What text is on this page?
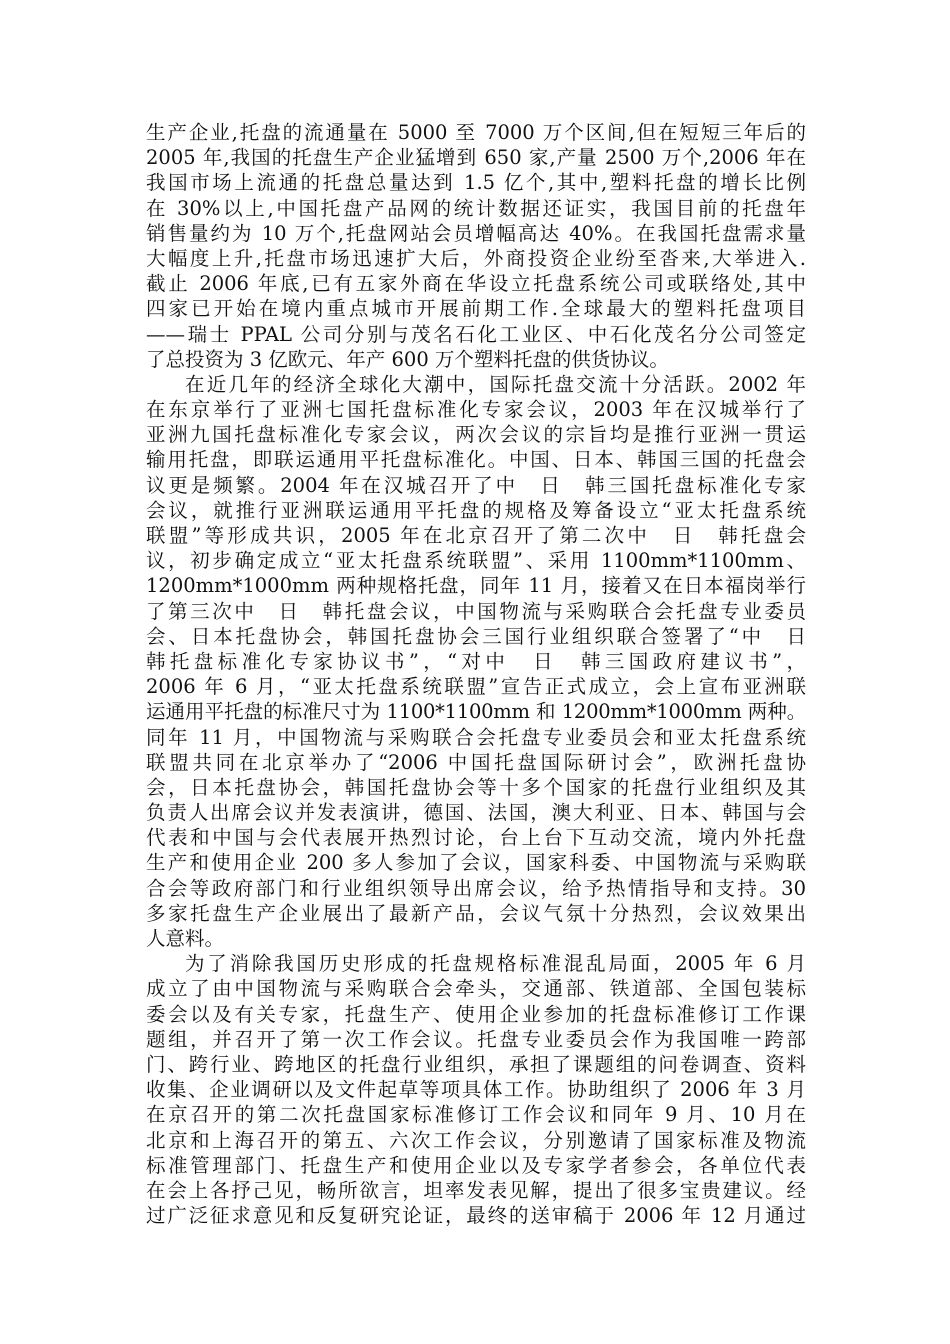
生产企业,托盘的流通量在 5000 至 7000 万个区间,但在短短三年后的
2005 年,我国的托盘生产企业猛增到 650 家,产量 2500 万个,2006 年在
我国市场上流通的托盘总量达到 1.5 亿个,其中,塑料托盘的增长比例
在 30%以上,中国托盘产品网的统计数据还证实，我国目前的托盘年
销售量约为 10 万个,托盘网站会员增幅高达 40%。在我国托盘需求量
大幅度上升,托盘市场迅速扩大后，外商投资企业纷至沓来,大举进入.
截止 2006 年底,已有五家外商在华设立托盘系统公司或联络处,其中
四家已开始在境内重点城市开展前期工作.全球最大的塑料托盘项目
——瑞士 PPAL 公司分别与茂名石化工业区、中石化茂名分公司签定
了总投资为 3 亿欧元、年产 600 万个塑料托盘的供货协议。
在近几年的经济全球化大潮中，国际托盘交流十分活跃。2002 年
在东京举行了亚洲七国托盘标准化专家会议，2003 年在汉城举行了
亚洲九国托盘标准化专家会议，两次会议的宗旨均是推行亚洲一贯运
输用托盘，即联运通用平托盘标准化。中国、日本、韩国三国的托盘会
议更是频繁。2004 年在汉城召开了中　日　韩三国托盘标准化专家
会议，就推行亚洲联运通用平托盘的规格及筹备设立“亚太托盘系统
联盟”等形成共识，2005 年在北京召开了第二次中　日　韩托盘会
议，初步确定成立“亚太托盘系统联盟”、采用 1100mm*1100mm、
1200mm*1000mm 两种规格托盘，同年 11 月，接着又在日本福岗举行
了第三次中　日　韩托盘会议，中国物流与采购联合会托盘专业委员
会、日本托盘协会，韩国托盘协会三国行业组织联合签署了“中　日
韩托盘标准化专家协议书”，“对中　日　韩三国政府建议书”，
2006 年 6 月，“亚太托盘系统联盟”宣告正式成立，会上宣布亚洲联
运通用平托盘的标准尺寸为 1100*1100mm 和 1200mm*1000mm 两种。
同年 11 月，中国物流与采购联合会托盘专业委员会和亚太托盘系统
联盟共同在北京举办了“2006 中国托盘国际研讨会”，欧洲托盘协
会，日本托盘协会，韩国托盘协会等十多个国家的托盘行业组织及其
负责人出席会议并发表演讲，德国、法国，澳大利亚、日本、韩国与会
代表和中国与会代表展开热烈讨论，台上台下互动交流，境内外托盘
生产和使用企业 200 多人参加了会议，国家科委、中国物流与采购联
合会等政府部门和行业组织领导出席会议，给予热情指导和支持。30
多家托盘生产企业展出了最新产品，会议气氛十分热烈，会议效果出
人意料。
为了消除我国历史形成的托盘规格标准混乱局面，2005 年 6 月
成立了由中国物流与采购联合会牵头，交通部、铁道部、全国包装标
委会以及有关专家，托盘生产、使用企业参加的托盘标准修订工作课
题组，并召开了第一次工作会议。托盘专业委员会作为我国唯一跨部
门、跨行业、跨地区的托盘行业组织，承担了课题组的问卷调查、资料
收集、企业调研以及文件起草等项具体工作。协助组织了 2006 年 3 月
在京召开的第二次托盘国家标准修订工作会议和同年 9 月、10 月在
北京和上海召开的第五、六次工作会议，分别邀请了国家标准及物流
标准管理部门、托盘生产和使用企业以及专家学者参会，各单位代表
在会上各抒己见，畅所欲言，坦率发表见解，提出了很多宝贵建议。经
过广泛征求意见和反复研究论证，最终的送审稿于 2006 年 12 月通过
